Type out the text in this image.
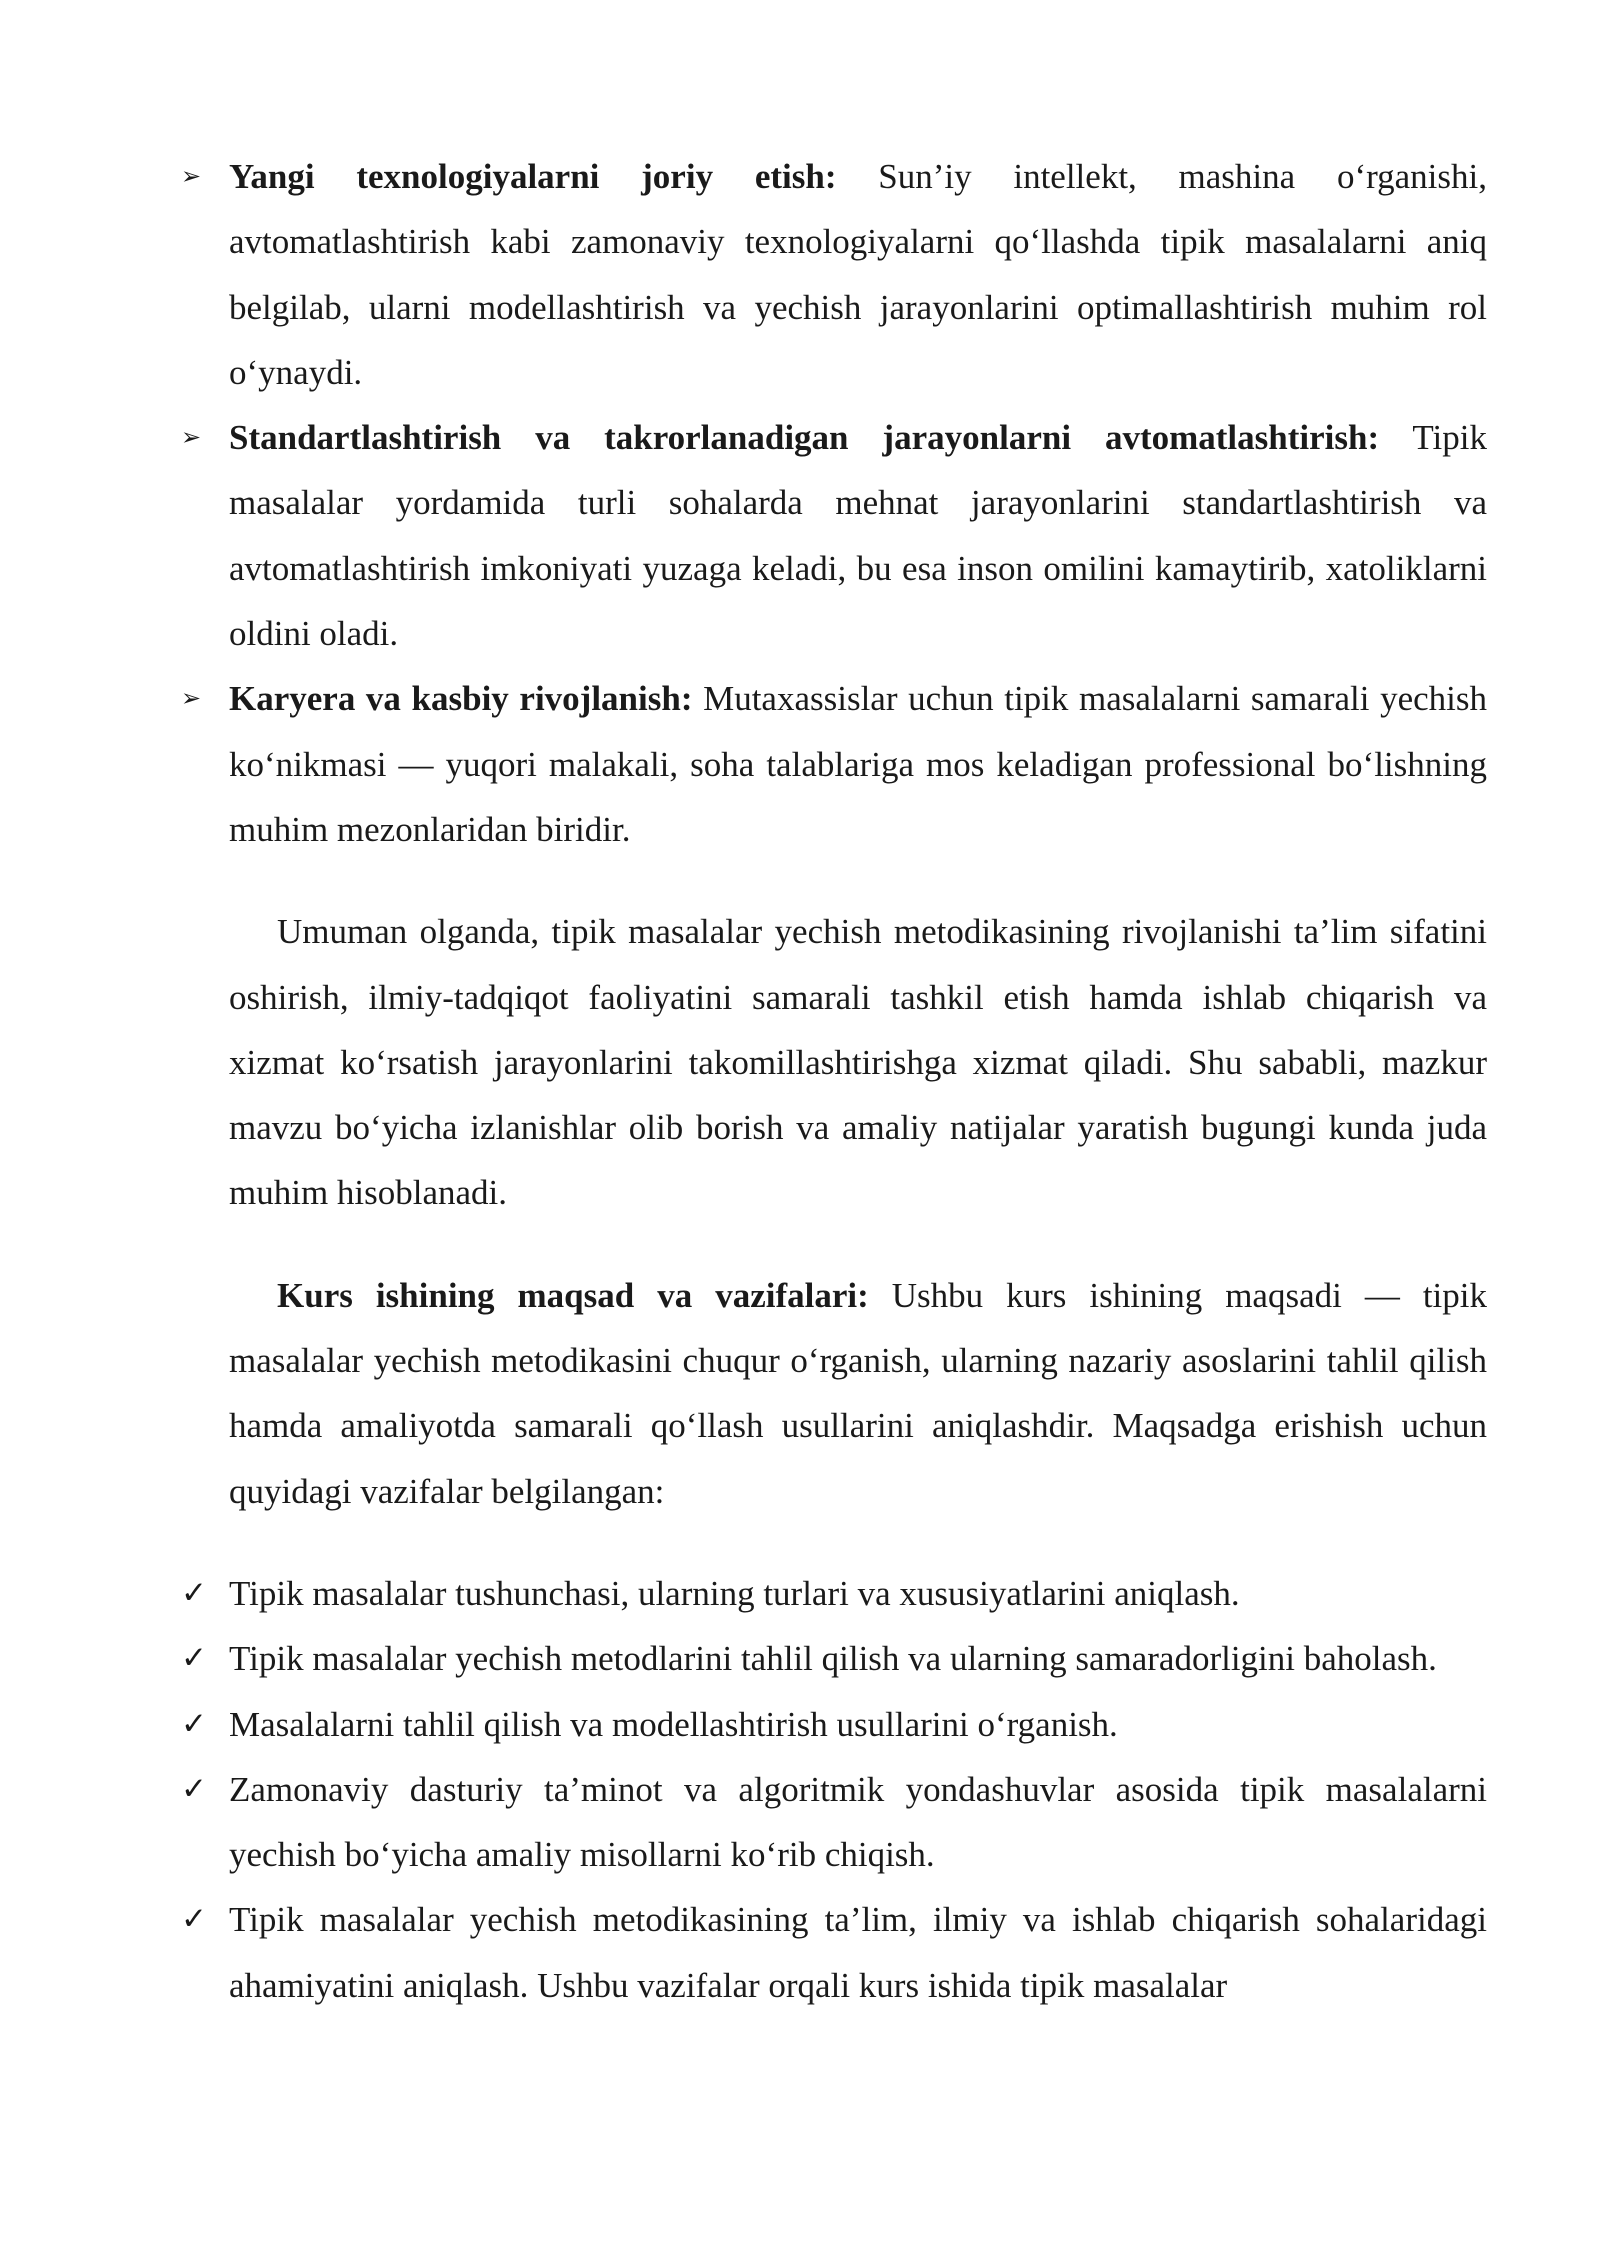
➢ Yangi texnologiyalarni joriy etish: Sun’iy intellekt, mashina o‘rganishi, avtomatlashtirish kabi zamonaviy texnologiyalarni qo‘llashda tipik masalalarni aniq belgilab, ularni modellashtirish va yechish jarayonlarini optimallashtirish muhim rol o‘ynaydi.

➢ Standartlashtirish va takrorlanadigan jarayonlarni avtomatlashtirish: Tipik masalalar yordamida turli sohalarda mehnat jarayonlarini standartlashtirish va avtomatlashtirish imkoniyati yuzaga keladi, bu esa inson omilini kamaytirib, xatoliklarni oldini oladi.

➢ Karyera va kasbiy rivojlanish: Mutaxassislar uchun tipik masalalarni samarali yechish ko‘nikmasi — yuqori malakali, soha talablariga mos keladigan professional bo‘lishning muhim mezonlaridan biridir.

Umuman olganda, tipik masalalar yechish metodikasining rivojlanishi ta’lim sifatini oshirish, ilmiy-tadqiqot faoliyatini samarali tashkil etish hamda ishlab chiqarish va xizmat ko‘rsatish jarayonlarini takomillashtirishga xizmat qiladi. Shu sababli, mazkur mavzu bo‘yicha izlanishlar olib borish va amaliy natijalar yaratish bugungi kunda juda muhim hisoblanadi.

Kurs ishining maqsad va vazifalari: Ushbu kurs ishining maqsadi — tipik masalalar yechish metodikasini chuqur o‘rganish, ularning nazariy asoslarini tahlil qilish hamda amaliyotda samarali qo‘llash usullarini aniqlashdir. Maqsadga erishish uchun quyidagi vazifalar belgilangan:

✓ Tipik masalalar tushunchasi, ularning turlari va xususiyatlarini aniqlash.

✓ Tipik masalalar yechish metodlarini tahlil qilish va ularning samaradorligini baholash.

✓ Masalalarni tahlil qilish va modellashtirish usullarini o‘rganish.

✓ Zamonaviy dasturiy ta’minot va algoritmik yondashuvlar asosida tipik masalalarni yechish bo‘yicha amaliy misollarni ko‘rib chiqish.

✓ Tipik masalalar yechish metodikasining ta’lim, ilmiy va ishlab chiqarish sohalaridagi ahamiyatini aniqlash. Ushbu vazifalar orqali kurs ishida tipik masalalar
